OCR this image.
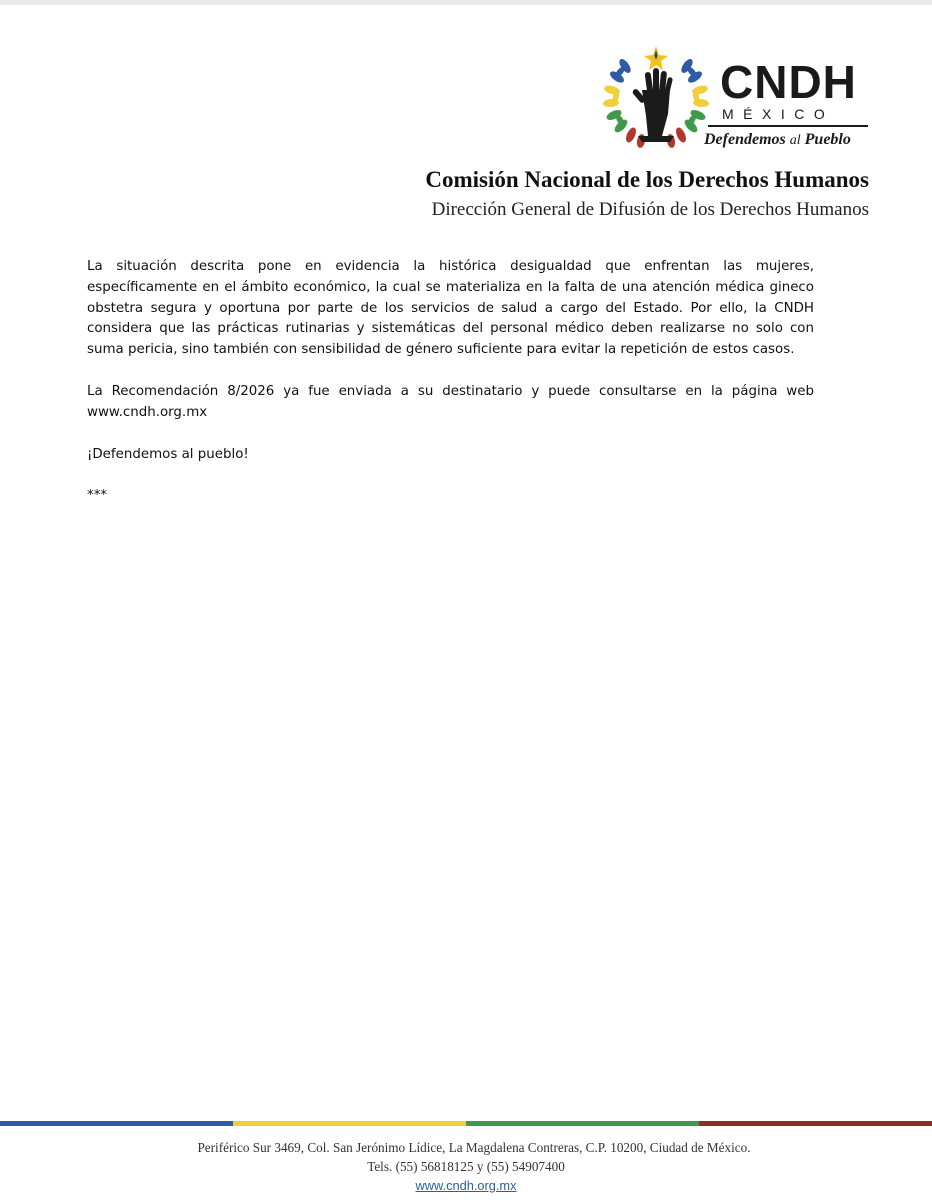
CNDH
MÉXICO
Defendemos al Pueblo
Comisión Nacional de los Derechos Humanos
Dirección General de Difusión de los Derechos Humanos

La situación descrita pone en evidencia la histórica desigualdad que enfrentan las mujeres, específicamente en el ámbito económico, la cual se materializa en la falta de una atención médica gineco obstetra segura y oportuna por parte de los servicios de salud a cargo del Estado. Por ello, la CNDH considera que las prácticas rutinarias y sistemáticas del personal médico deben realizarse no solo con suma pericia, sino también con sensibilidad de género suficiente para evitar la repetición de estos casos.

La Recomendación 8/2026 ya fue enviada a su destinatario y puede consultarse en la página web www.cndh.org.mx

¡Defendemos al pueblo!

***

Periférico Sur 3469, Col. San Jerónimo Lídice, La Magdalena Contreras, C.P. 10200, Ciudad de México.
Tels. (55) 56818125 y (55) 54907400
www.cndh.org.mx
